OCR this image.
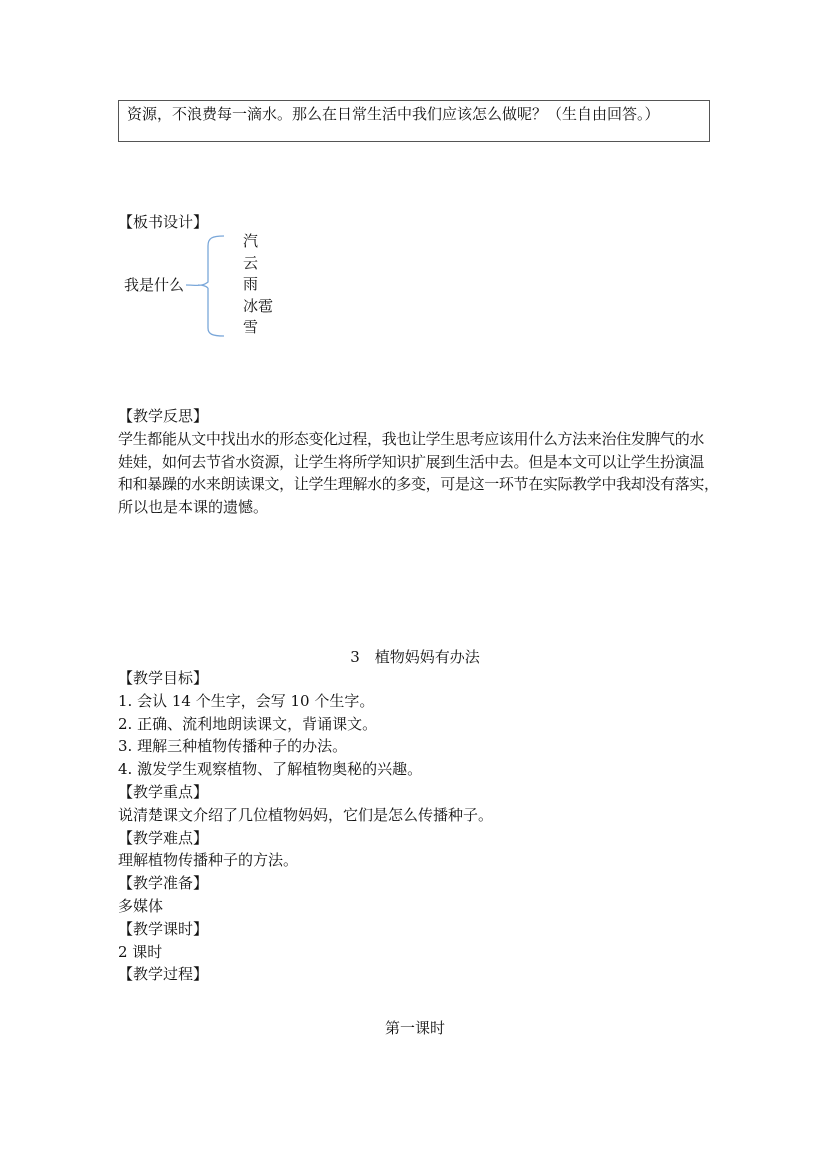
资源，不浪费每一滴水。那么在日常生活中我们应该怎么做呢？（生自由回答。）
【板书设计】
我是什么
汽
云
雨
冰雹
雪
【教学反思】
学生都能从文中找出水的形态变化过程，我也让学生思考应该用什么方法来治住发脾气的水
娃娃，如何去节省水资源，让学生将所学知识扩展到生活中去。但是本文可以让学生扮演温
和和暴躁的水来朗读课文，让学生理解水的多变，可是这一环节在实际教学中我却没有落实，
所以也是本课的遗憾。
3　植物妈妈有办法
【教学目标】
1. 会认 14 个生字，会写 10 个生字。
2. 正确、流利地朗读课文，背诵课文。
3. 理解三种植物传播种子的办法。
4. 激发学生观察植物、了解植物奥秘的兴趣。
【教学重点】
说清楚课文介绍了几位植物妈妈，它们是怎么传播种子。
【教学难点】
理解植物传播种子的方法。
【教学准备】
多媒体
【教学课时】
2 课时
【教学过程】
第一课时
